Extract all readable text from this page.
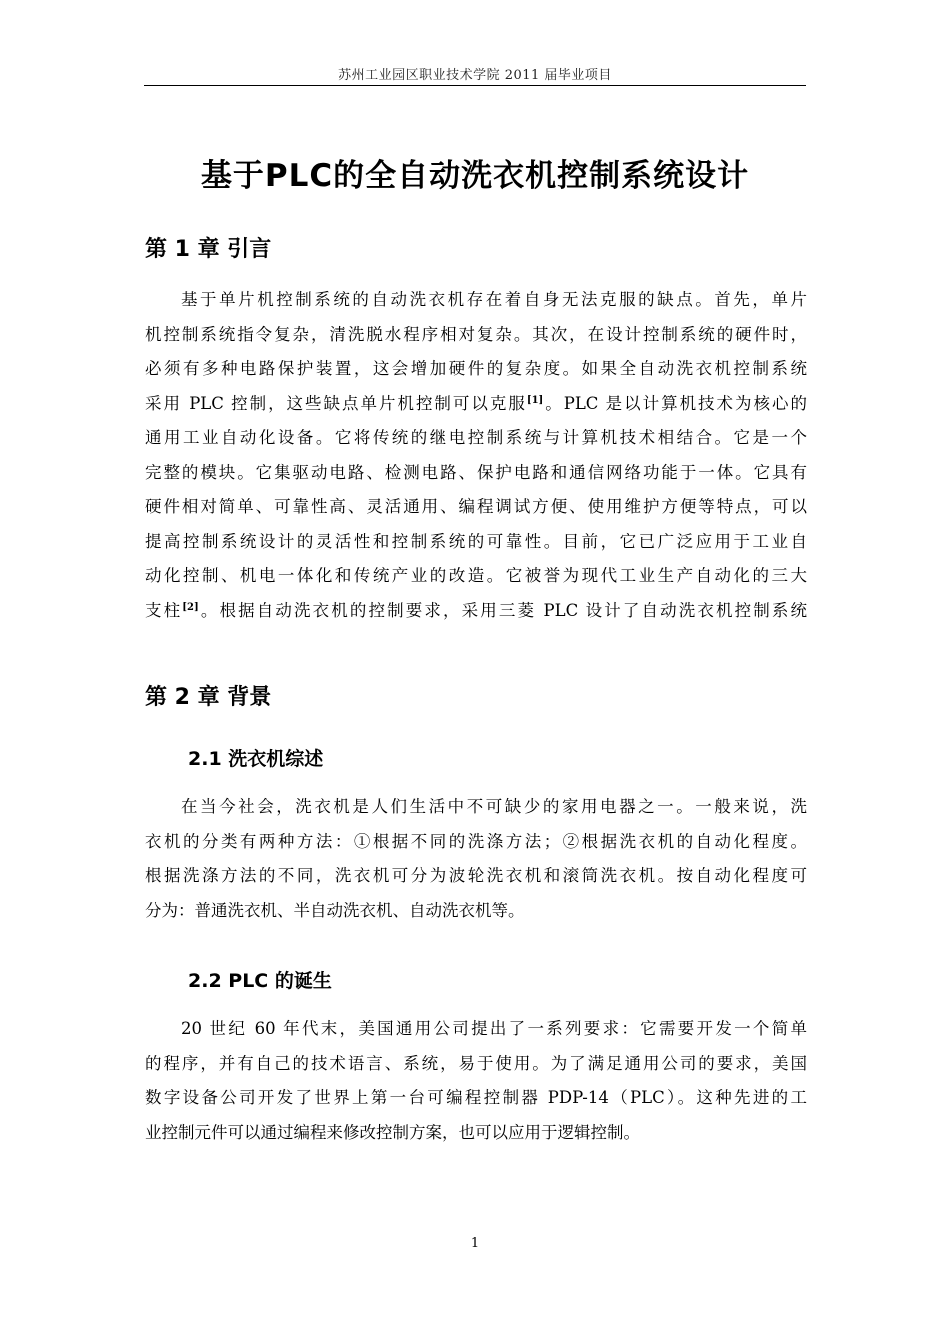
苏州工业园区职业技术学院 2011 届毕业项目
基于PLC的全自动洗衣机控制系统设计
第 1 章 引言
基于单片机控制系统的自动洗衣机存在着自身无法克服的缺点。首先，单片
机控制系统指令复杂，清洗脱水程序相对复杂。其次，在设计控制系统的硬件时，
必须有多种电路保护装置，这会增加硬件的复杂度。如果全自动洗衣机控制系统
采用 PLC 控制，这些缺点单片机控制可以克服[1]。PLC 是以计算机技术为核心的
通用工业自动化设备。它将传统的继电控制系统与计算机技术相结合。它是一个
完整的模块。它集驱动电路、检测电路、保护电路和通信网络功能于一体。它具有
硬件相对简单、可靠性高、灵活通用、编程调试方便、使用维护方便等特点，可以
提高控制系统设计的灵活性和控制系统的可靠性。目前，它已广泛应用于工业自
动化控制、机电一体化和传统产业的改造。它被誉为现代工业生产自动化的三大
支柱[2]。根据自动洗衣机的控制要求，采用三菱 PLC 设计了自动洗衣机控制系统
第 2 章 背景
2.1 洗衣机综述
在当今社会，洗衣机是人们生活中不可缺少的家用电器之一。一般来说，洗
衣机的分类有两种方法：①根据不同的洗涤方法；②根据洗衣机的自动化程度。
根据洗涤方法的不同，洗衣机可分为波轮洗衣机和滚筒洗衣机。按自动化程度可
分为：普通洗衣机、半自动洗衣机、自动洗衣机等。
2.2 PLC 的诞生
20 世纪 60 年代末，美国通用公司提出了一系列要求：它需要开发一个简单
的程序，并有自己的技术语言、系统，易于使用。为了满足通用公司的要求，美国
数字设备公司开发了世界上第一台可编程控制器 PDP-14（PLC）。这种先进的工
业控制元件可以通过编程来修改控制方案，也可以应用于逻辑控制。
1
